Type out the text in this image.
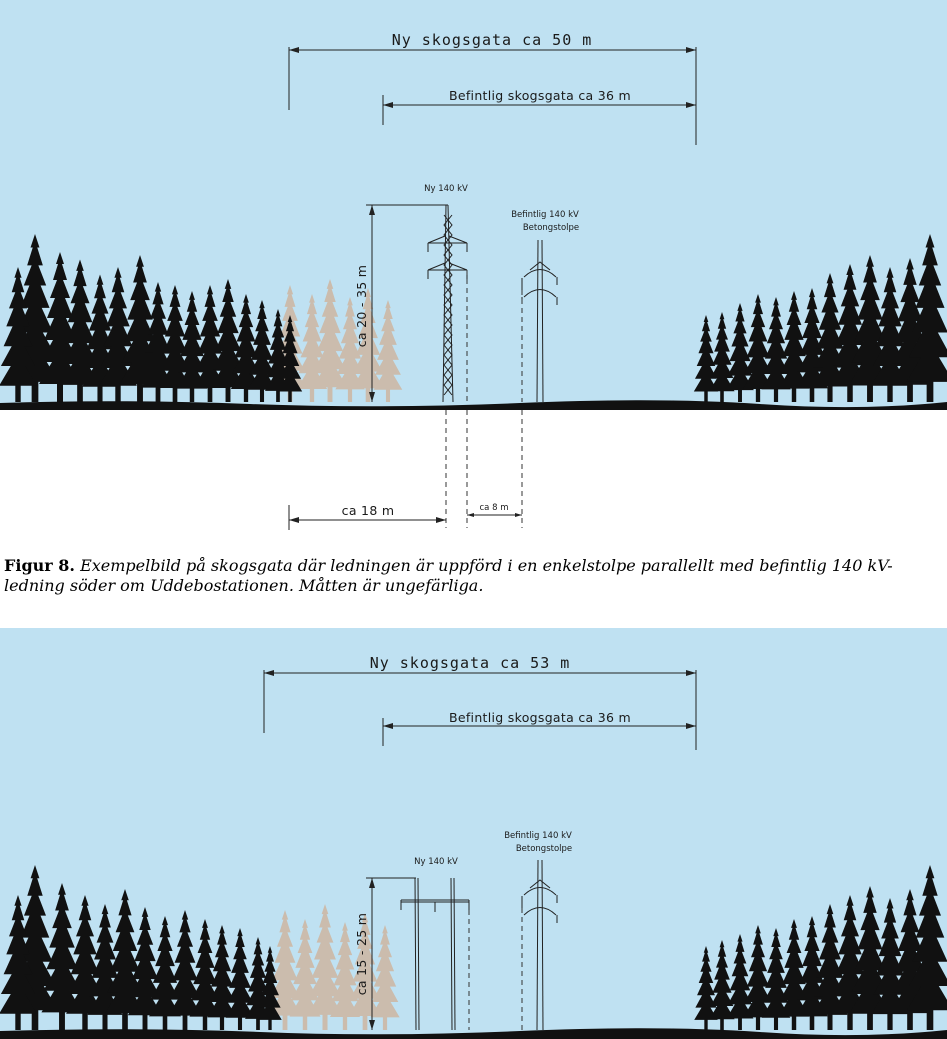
Ny skogsgata ca 50 m
Befintlig skogsgata ca 36 m
ca 20 - 35 m
Ny 140 kV
Befintlig 140 kV
Betongstolpe
ca 18 m	ca 8 m

Figur 8. Exempelbild på skogsgata där ledningen är uppförd i en enkelstolpe parallellt med befintlig 140 kV-ledning söder om Uddebostationen. Måtten är ungefärliga.

Ny skogsgata ca 53 m
Befintlig skogsgata ca 36 m
ca 15 - 25 m
Ny 140 kV
Befintlig 140 kV
Betongstolpe
